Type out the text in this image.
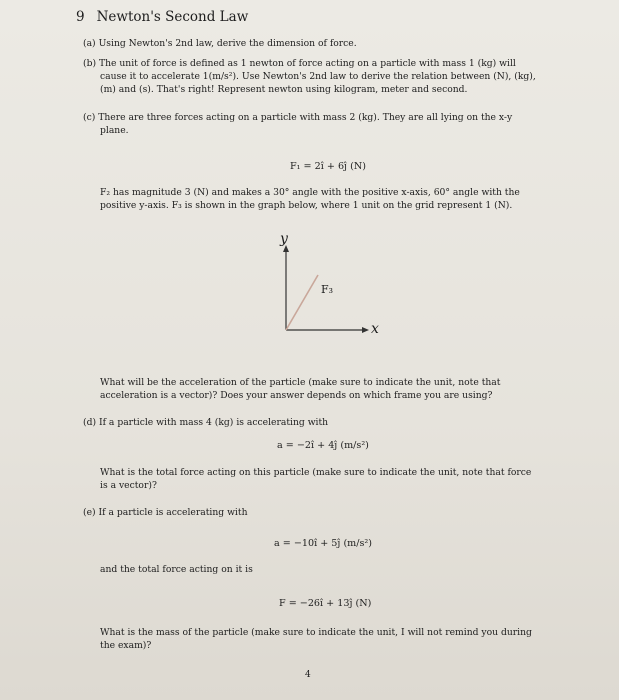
9 Newton's Second Law
(a) Using Newton's 2nd law, derive the dimension of force.
(b) The unit of force is defined as 1 newton of force acting on a particle with mass 1 (kg) will
cause it to accelerate 1(m/s²). Use Newton's 2nd law to derive the relation between (N), (kg),
(m) and (s). That's right! Represent newton using kilogram, meter and second.
(c) There are three forces acting on a particle with mass 2 (kg). They are all lying on the x-y
plane.
F₁ = 2î + 6ĵ (N)
F₂ has magnitude 3 (N) and makes a 30° angle with the positive x-axis, 60° angle with the
positive y-axis. F₃ is shown in the graph below, where 1 unit on the grid represent 1 (N).
y
x
F₃
What will be the acceleration of the particle (make sure to indicate the unit, note that
acceleration is a vector)? Does your answer depends on which frame you are using?
(d) If a particle with mass 4 (kg) is accelerating with
a = −2î + 4ĵ (m/s²)
What is the total force acting on this particle (make sure to indicate the unit, note that force
is a vector)?
(e) If a particle is accelerating with
a = −10î + 5ĵ (m/s²)
and the total force acting on it is
F = −26î + 13ĵ (N)
What is the mass of the particle (make sure to indicate the unit, I will not remind you during
the exam)?
4
